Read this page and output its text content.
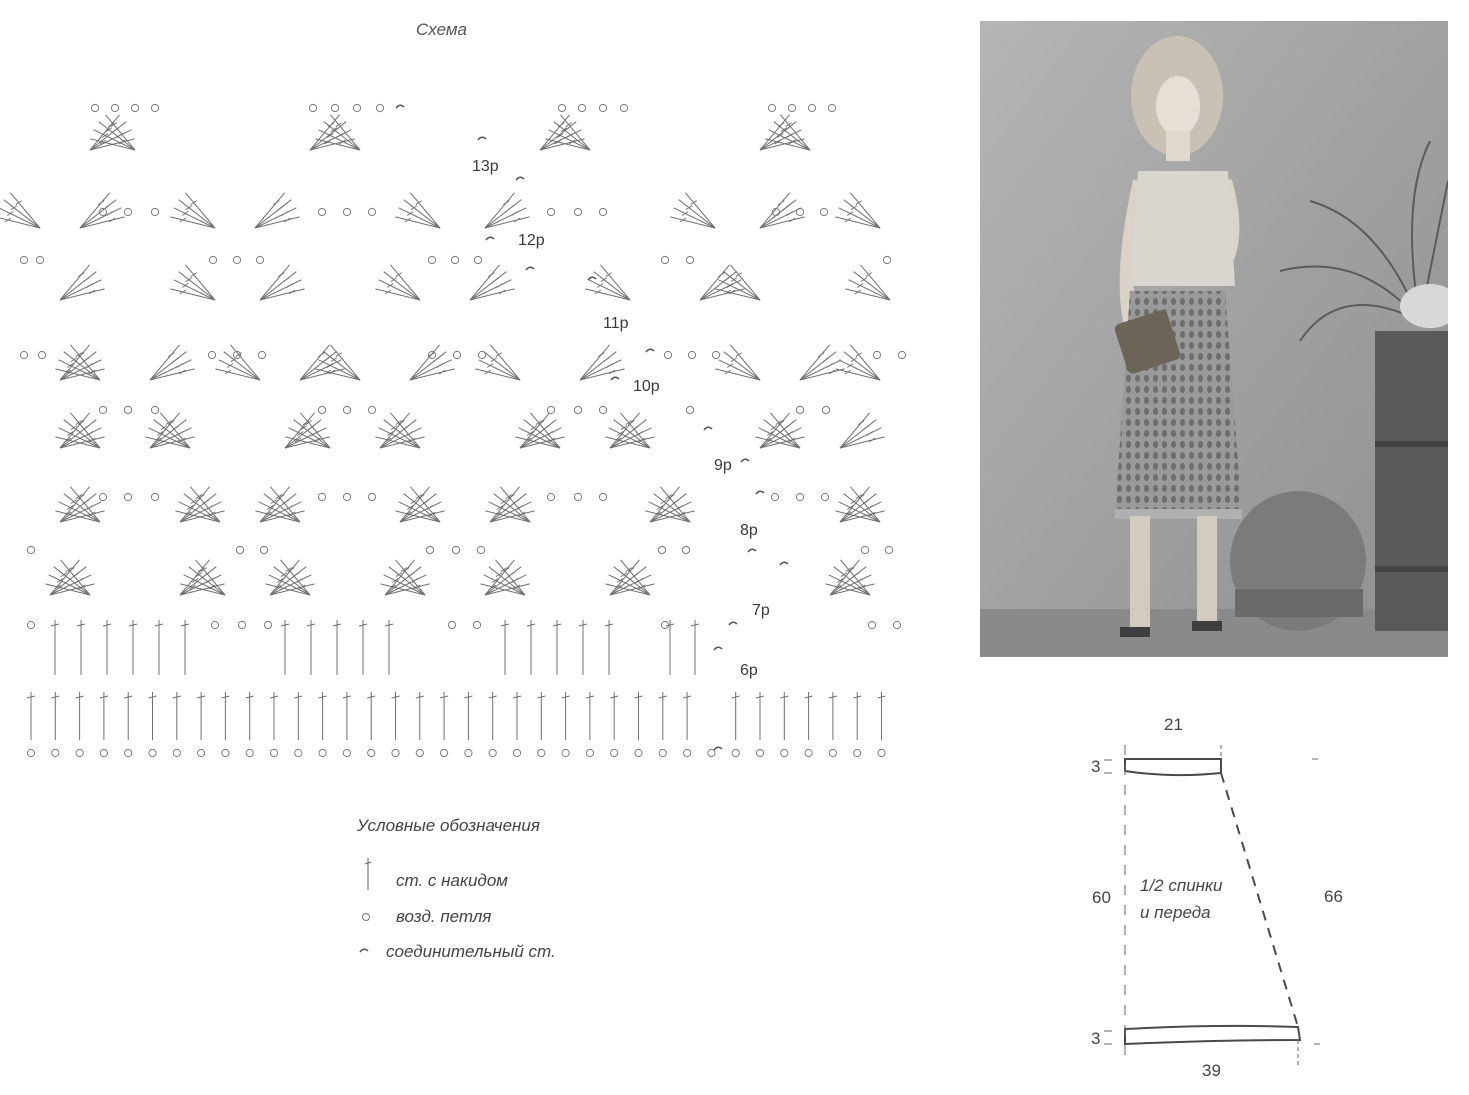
Схема
13р
12р
11р
10р
9р
8р
7р
6р
Условные обозначения
ст. с накидом
возд. петля
соединительный ст.
21
3
60	66
3
39
1/2 спинки
и переда
